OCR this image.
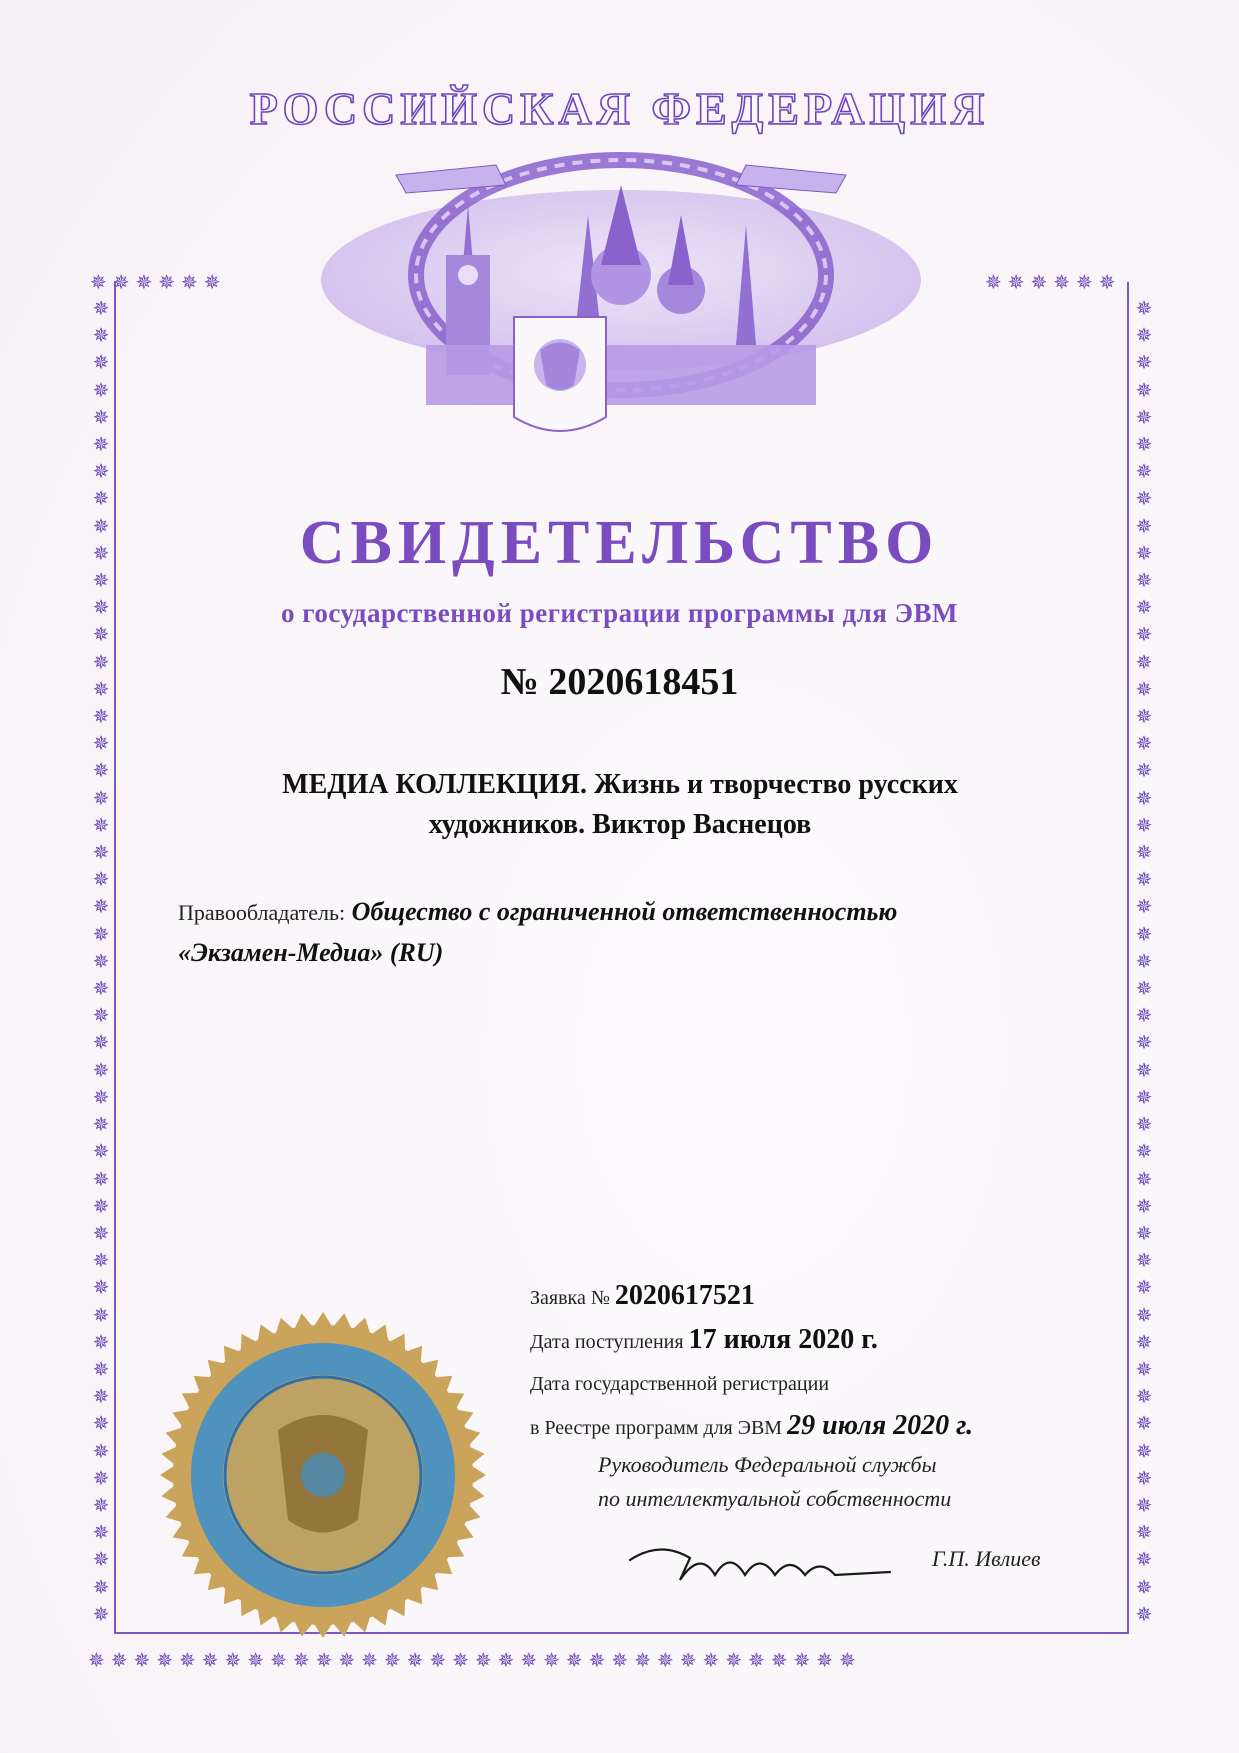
✵✵✵✵✵✵	✵✵✵✵✵✵
✵
✵
✵
✵
✵
✵
✵
✵
✵
✵
✵
✵
✵
✵
✵
✵
✵
✵
✵
✵
✵
✵
✵
✵
✵
✵
✵
✵
✵
✵
✵
✵
✵
✵
✵
✵
✵
✵
✵
✵
✵
✵
✵
✵
✵
✵
✵
✵
✵
✵
✵
✵
✵
✵
✵
✵
✵
✵
✵
✵
✵
✵
✵
✵
✵
✵
✵
✵
✵
✵
✵
✵
✵
✵
✵
✵
✵
✵
✵
✵
✵
✵
✵
✵
✵
✵
✵
✵
✵
✵
✵
✵
✵
✵
✵
✵
✵
✵
✵✵✵✵✵✵✵✵✵✵✵✵✵✵✵✵✵✵✵✵✵✵✵✵✵✵✵✵✵✵✵✵✵✵
РОССИЙСКАЯ ФЕДЕРАЦИЯ
СВИДЕТЕЛЬСТВО
о государственной регистрации программы для ЭВМ
№ 2020618451
МЕДИА КОЛЛЕКЦИЯ. Жизнь и творчество русских
художников. Виктор Васнецов
Правообладатель: Общество с ограниченной ответственностью
«Экзамен-Медиа» (RU)
Заявка № 2020617521
Дата поступления 17 июля 2020 г.
Дата государственной регистрации
в Реестре программ для ЭВМ 29 июля 2020 г.
Руководитель Федеральной службы
по интеллектуальной собственности
Г.П. Ивлиев
